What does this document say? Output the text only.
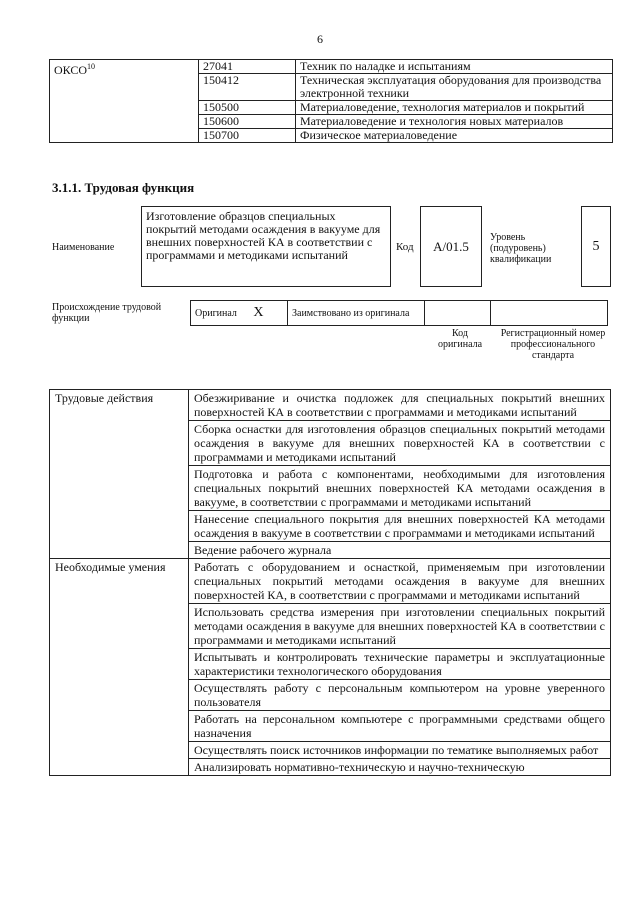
6
ОКСО$^{10}$	27041	Техник по наладке и испытаниям
	150412	Техническая эксплуатация оборудования для производства электронной техники
	150500	Материаловедение, технология материалов и покрытий
	150600	Материаловедение и технология новых материалов
	150700	Физическое материаловедение
3.1.1. Трудовая функция
Наименование
Изготовление образцов специальных покрытий методами осаждения в вакууме для внешних поверхностей КА в соответствии с программами и методиками испытаний
Код	A/01.5
Уровень (подуровень) квалификации
5
Происхождение трудовой функции	Оригинал X	Заимствовано из оригинала		
Код оригинала
Регистрационный номер профессионального стандарта
Трудовые действия	Обезжиривание и очистка подложек для специальных покрытий внешних поверхностей КА в соответствии с программами и методиками испытаний
	Сборка оснастки для изготовления образцов специальных покрытий методами осаждения в вакууме для внешних поверхностей КА в соответствии с программами и методиками испытаний
	Подготовка и работа с компонентами, необходимыми для изготовления специальных покрытий внешних поверхностей КА методами осаждения в вакууме, в соответствии с программами и методиками испытаний
	Нанесение специального покрытия для внешних поверхностей КА методами осаждения в вакууме в соответствии с программами и методиками испытаний
	Ведение рабочего журнала
Необходимые умения	Работать с оборудованием и оснасткой, применяемым при изготовлении специальных покрытий методами осаждения в вакууме для внешних поверхностей КА, в соответствии с программами и методиками испытаний
	Использовать средства измерения при изготовлении специальных покрытий методами осаждения в вакууме для внешних поверхностей КА в соответствии с программами и методиками испытаний
	Испытывать и контролировать технические параметры и эксплуатационные характеристики технологического оборудования
	Осуществлять работу с персональным компьютером на уровне уверенного пользователя
	Работать на персональном компьютере с программными средствами общего назначения
	Осуществлять поиск источников информации по тематике выполняемых работ
	Анализировать нормативно-техническую и научно-техническую
